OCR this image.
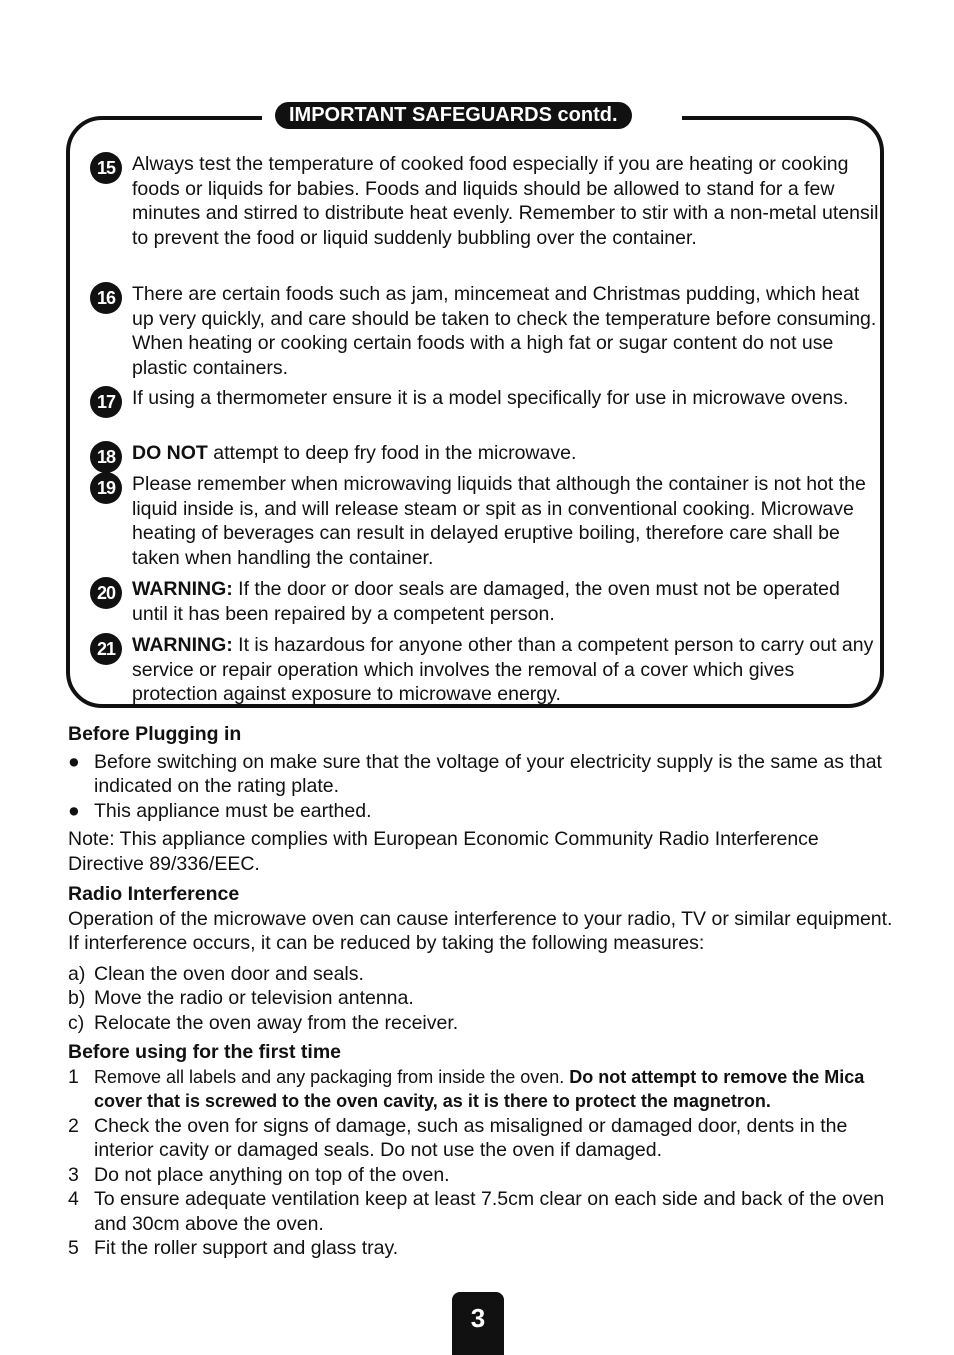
IMPORTANT SAFEGUARDS contd.
15 Always test the temperature of cooked food especially if you are heating or cooking foods or liquids for babies. Foods and liquids should be allowed to stand for a few minutes and stirred to distribute heat evenly. Remember to stir with a non-metal utensil to prevent the food or liquid suddenly bubbling over the container.
16 There are certain foods such as jam, mincemeat and Christmas pudding, which heat up very quickly, and care should be taken to check the temperature before consuming. When heating or cooking certain foods with a high fat or sugar content do not use plastic containers.
17 If using a thermometer ensure it is a model specifically for use in microwave ovens.
18 DO NOT attempt to deep fry food in the microwave.
19 Please remember when microwaving liquids that although the container is not hot the liquid inside is, and will release steam or spit as in conventional cooking. Microwave heating of beverages can result in delayed eruptive boiling, therefore care shall be taken when handling the container.
20 WARNING: If the door or door seals are damaged, the oven must not be operated until it has been repaired by a competent person.
21 WARNING: It is hazardous for anyone other than a competent person to carry out any service or repair operation which involves the removal of a cover which gives protection against exposure to microwave energy.
Before Plugging in
● Before switching on make sure that the voltage of your electricity supply is the same as that indicated on the rating plate.
● This appliance must be earthed.
Note: This appliance complies with European Economic Community Radio Interference Directive 89/336/EEC.
Radio Interference
Operation of the microwave oven can cause interference to your radio, TV or similar equipment. If interference occurs, it can be reduced by taking the following measures:
a) Clean the oven door and seals.
b) Move the radio or television antenna.
c) Relocate the oven away from the receiver.
Before using for the first time
1 Remove all labels and any packaging from inside the oven. Do not attempt to remove the Mica cover that is screwed to the oven cavity, as it is there to protect the magnetron.
2 Check the oven for signs of damage, such as misaligned or damaged door, dents in the interior cavity or damaged seals. Do not use the oven if damaged.
3 Do not place anything on top of the oven.
4 To ensure adequate ventilation keep at least 7.5cm clear on each side and back of the oven and 30cm above the oven.
5 Fit the roller support and glass tray.
3
